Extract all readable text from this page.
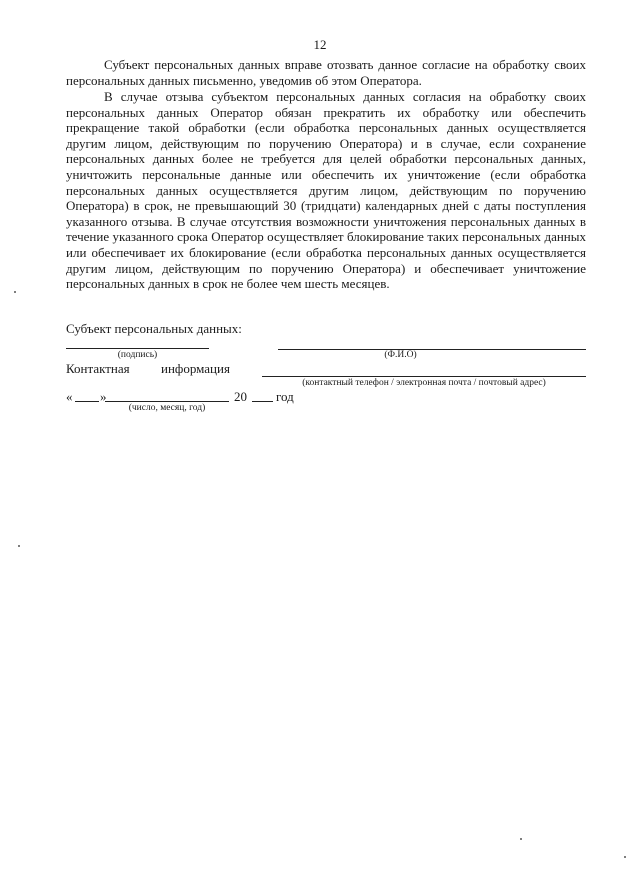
12

Субъект персональных данных вправе отозвать данное согласие на обработку своих персональных данных письменно, уведомив об этом Оператора.

В случае отзыва субъектом персональных данных согласия на обработку своих персональных данных Оператор обязан прекратить их обработку или обеспечить прекращение такой обработки (если обработка персональных данных осуществляется другим лицом, действующим по поручению Оператора) и в случае, если сохранение персональных данных более не требуется для целей обработки персональных данных, уничтожить персональные данные или обеспечить их уничтожение (если обработка персональных данных осуществляется другим лицом, действующим по поручению Оператора) в срок, не превышающий 30 (тридцати) календарных дней с даты поступления указанного отзыва. В случае отсутствия возможности уничтожения персональных данных в течение указанного срока Оператор осуществляет блокирование таких персональных данных или обеспечивает их блокирование (если обработка персональных данных осуществляется другим лицом, действующим по поручению Оператора) и обеспечивает уничтожение персональных данных в срок не более чем шесть месяцев.

Субъект персональных данных:
(подпись)	(Ф.И.О)
Контактная информация
(контактный телефон / электронная почта / почтовый адрес)
« »	20 год
(число, месяц, год)
